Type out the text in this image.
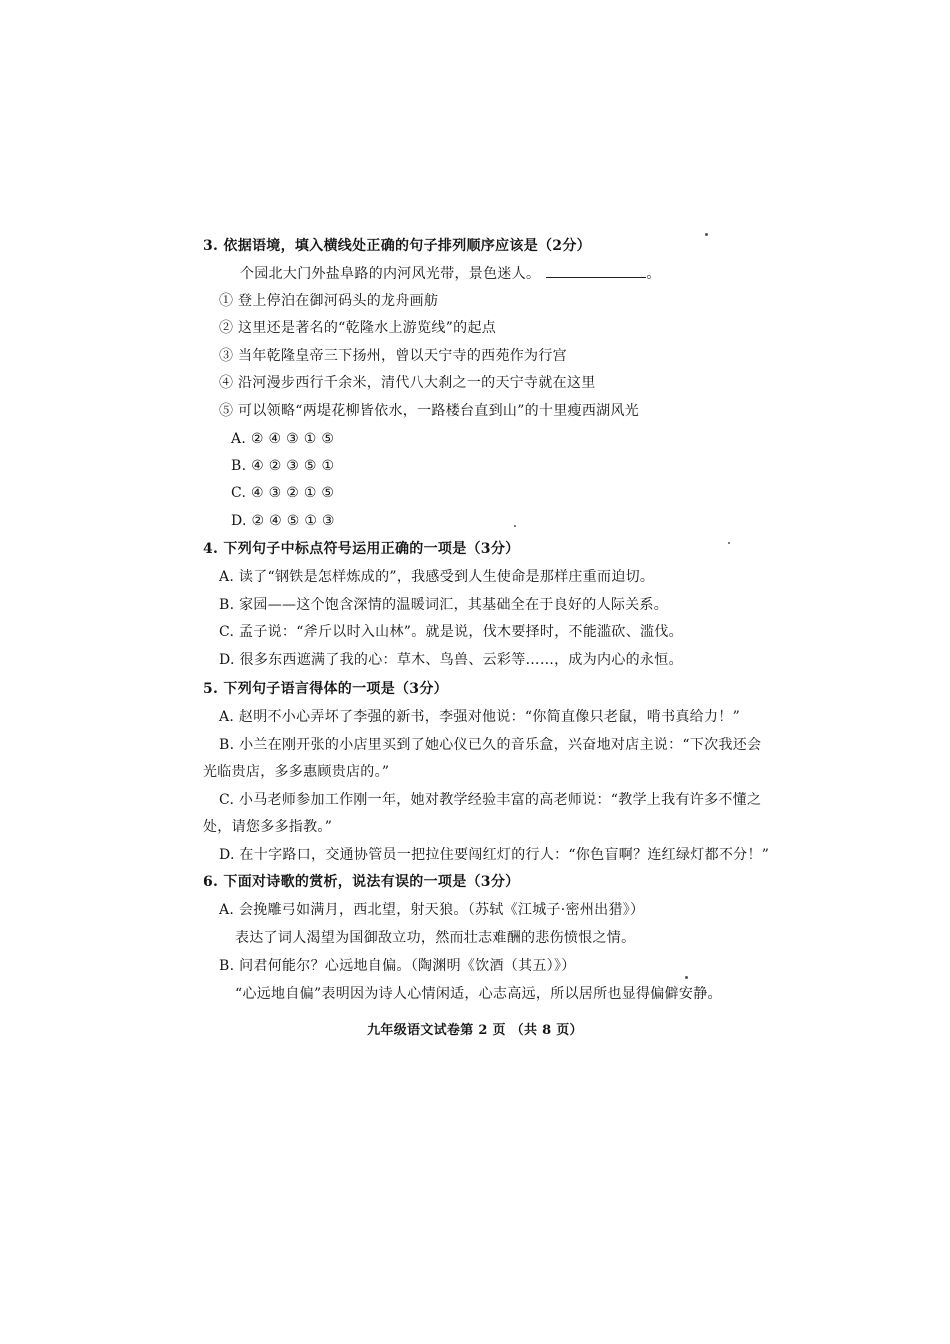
3. 依据语境，填入横线处正确的句子排列顺序应该是（2分）
个园北大门外盐阜路的内河风光带，景色迷人。	。
① 登上停泊在御河码头的龙舟画舫
② 这里还是著名的“乾隆水上游览线”的起点
③ 当年乾隆皇帝三下扬州，曾以天宁寺的西苑作为行宫
④ 沿河漫步西行千余米，清代八大刹之一的天宁寺就在这里
⑤ 可以领略“两堤花柳皆依水，一路楼台直到山”的十里瘦西湖风光
A. ② ④ ③ ① ⑤
B. ④ ② ③ ⑤ ①
C. ④ ③ ② ① ⑤
D. ② ④ ⑤ ① ③
4. 下列句子中标点符号运用正确的一项是（3分）
A. 读了“钢铁是怎样炼成的”，我感受到人生使命是那样庄重而迫切。
B. 家园——这个饱含深情的温暖词汇，其基础全在于良好的人际关系。
C. 孟子说：“斧斤以时入山林”。就是说，伐木要择时，不能滥砍、滥伐。
D. 很多东西遮满了我的心：草木、鸟兽、云彩等……，成为内心的永恒。
5. 下列句子语言得体的一项是（3分）
A. 赵明不小心弄坏了李强的新书，李强对他说：“你简直像只老鼠，啃书真给力！”
B. 小兰在刚开张的小店里买到了她心仪已久的音乐盒，兴奋地对店主说：“下次我还会
光临贵店，多多惠顾贵店的。”
C. 小马老师参加工作刚一年，她对教学经验丰富的高老师说：“教学上我有许多不懂之
处，请您多多指教。”
D. 在十字路口，交通协管员一把拉住要闯红灯的行人：“你色盲啊？连红绿灯都不分！”
6. 下面对诗歌的赏析，说法有误的一项是（3分）
A. 会挽雕弓如满月，西北望，射天狼。（苏轼《江城子·密州出猎》）
表达了词人渴望为国御敌立功，然而壮志难酬的悲伤愤恨之情。
B. 问君何能尔？心远地自偏。（陶渊明《饮酒（其五）》）
“心远地自偏”表明因为诗人心情闲适，心志高远，所以居所也显得偏僻安静。
九年级语文试卷第 2 页 （共 8 页）
